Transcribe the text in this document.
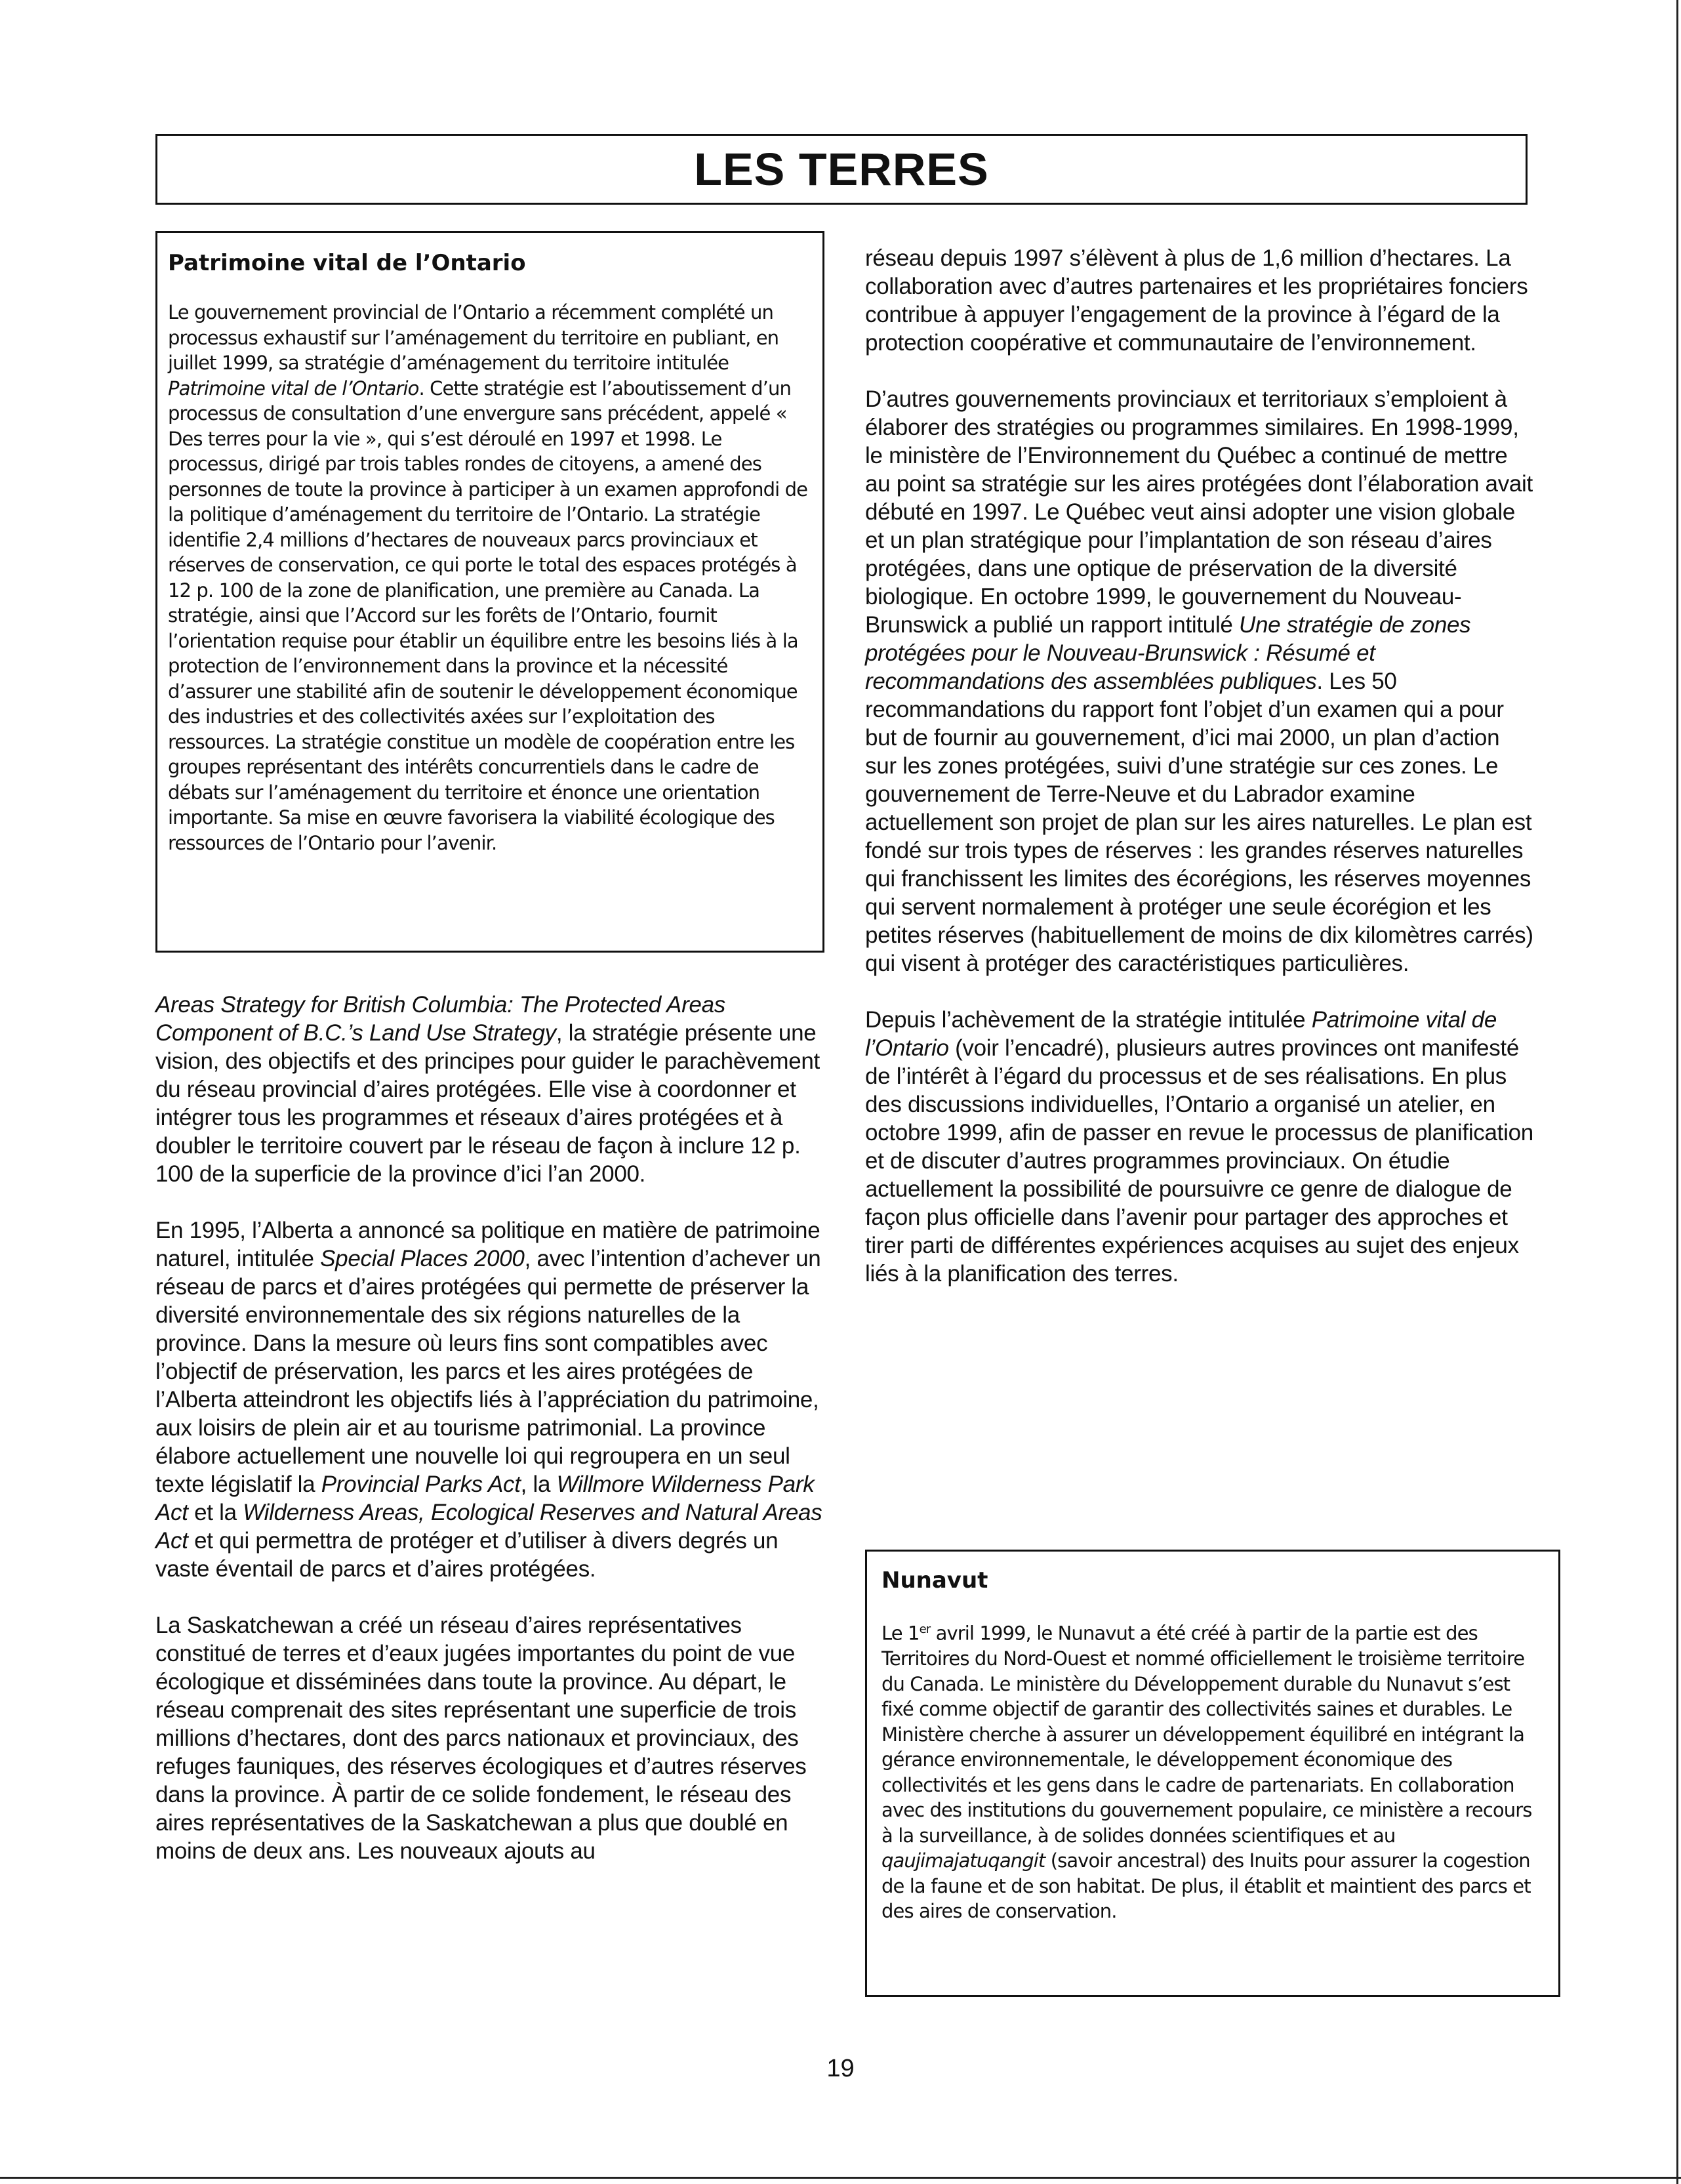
LES TERRES
Patrimoine vital de l’Ontario

Le gouvernement provincial de l’Ontario a récemment complété un processus exhaustif sur l’aménagement du territoire en publiant, en juillet 1999, sa stratégie d’aménagement du territoire intitulée Patrimoine vital de l’Ontario. Cette stratégie est l’aboutissement d’un processus de consultation d’une envergure sans précédent, appelé « Des terres pour la vie », qui s’est déroulé en 1997 et 1998. Le processus, dirigé par trois tables rondes de citoyens, a amené des personnes de toute la province à participer à un examen approfondi de la politique d’aménagement du territoire de l’Ontario. La stratégie identifie 2,4 millions d’hectares de nouveaux parcs provinciaux et réserves de conservation, ce qui porte le total des espaces protégés à 12 p. 100 de la zone de planification, une première au Canada. La stratégie, ainsi que l’Accord sur les forêts de l’Ontario, fournit l’orientation requise pour établir un équilibre entre les besoins liés à la protection de l’environnement dans la province et la nécessité d’assurer une stabilité afin de soutenir le développement économique des industries et des collectivités axées sur l’exploitation des ressources. La stratégie constitue un modèle de coopération entre les groupes représentant des intérêts concurrentiels dans le cadre de débats sur l’aménagement du territoire et énonce une orientation importante. Sa mise en œuvre favorisera la viabilité écologique des ressources de l’Ontario pour l’avenir.

Areas Strategy for British Columbia: The Protected Areas Component of B.C.’s Land Use Strategy, la stratégie présente une vision, des objectifs et des principes pour guider le parachèvement du réseau provincial d’aires protégées. Elle vise à coordonner et intégrer tous les programmes et réseaux d’aires protégées et à doubler le territoire couvert par le réseau de façon à inclure 12 p. 100 de la superficie de la province d’ici l’an 2000.

En 1995, l’Alberta a annoncé sa politique en matière de patrimoine naturel, intitulée Special Places 2000, avec l’intention d’achever un réseau de parcs et d’aires protégées qui permette de préserver la diversité environnementale des six régions naturelles de la province. Dans la mesure où leurs fins sont compatibles avec l’objectif de préservation, les parcs et les aires protégées de l’Alberta atteindront les objectifs liés à l’appréciation du patrimoine, aux loisirs de plein air et au tourisme patrimonial. La province élabore actuellement une nouvelle loi qui regroupera en un seul texte législatif la Provincial Parks Act, la Willmore Wilderness Park Act et la Wilderness Areas, Ecological Reserves and Natural Areas Act et qui permettra de protéger et d’utiliser à divers degrés un vaste éventail de parcs et d’aires protégées.

La Saskatchewan a créé un réseau d’aires représentatives constitué de terres et d’eaux jugées importantes du point de vue écologique et disséminées dans toute la province. Au départ, le réseau comprenait des sites représentant une superficie de trois millions d’hectares, dont des parcs nationaux et provinciaux, des refuges fauniques, des réserves écologiques et d’autres réserves dans la province. À partir de ce solide fondement, le réseau des aires représentatives de la Saskatchewan a plus que doublé en moins de deux ans. Les nouveaux ajouts au

réseau depuis 1997 s’élèvent à plus de 1,6 million d’hectares. La collaboration avec d’autres partenaires et les propriétaires fonciers contribue à appuyer l’engagement de la province à l’égard de la protection coopérative et communautaire de l’environnement.

D’autres gouvernements provinciaux et territoriaux s’emploient à élaborer des stratégies ou programmes similaires. En 1998-1999, le ministère de l’Environnement du Québec a continué de mettre au point sa stratégie sur les aires protégées dont l’élaboration avait débuté en 1997. Le Québec veut ainsi adopter une vision globale et un plan stratégique pour l’implantation de son réseau d’aires protégées, dans une optique de préservation de la diversité biologique. En octobre 1999, le gouvernement du Nouveau-Brunswick a publié un rapport intitulé Une stratégie de zones protégées pour le Nouveau-Brunswick : Résumé et recommandations des assemblées publiques. Les 50 recommandations du rapport font l’objet d’un examen qui a pour but de fournir au gouvernement, d’ici mai 2000, un plan d’action sur les zones protégées, suivi d’une stratégie sur ces zones. Le gouvernement de Terre-Neuve et du Labrador examine actuellement son projet de plan sur les aires naturelles. Le plan est fondé sur trois types de réserves : les grandes réserves naturelles qui franchissent les limites des écorégions, les réserves moyennes qui servent normalement à protéger une seule écorégion et les petites réserves (habituellement de moins de dix kilomètres carrés) qui visent à protéger des caractéristiques particulières.

Depuis l’achèvement de la stratégie intitulée Patrimoine vital de l’Ontario (voir l’encadré), plusieurs autres provinces ont manifesté de l’intérêt à l’égard du processus et de ses réalisations. En plus des discussions individuelles, l’Ontario a organisé un atelier, en octobre 1999, afin de passer en revue le processus de planification et de discuter d’autres programmes provinciaux. On étudie actuellement la possibilité de poursuivre ce genre de dialogue de façon plus officielle dans l’avenir pour partager des approches et tirer parti de différentes expériences acquises au sujet des enjeux liés à la planification des terres.

Nunavut

Le 1er avril 1999, le Nunavut a été créé à partir de la partie est des Territoires du Nord-Ouest et nommé officiellement le troisième territoire du Canada. Le ministère du Développement durable du Nunavut s’est fixé comme objectif de garantir des collectivités saines et durables. Le Ministère cherche à assurer un développement équilibré en intégrant la gérance environnementale, le développement économique des collectivités et les gens dans le cadre de partenariats. En collaboration avec des institutions du gouvernement populaire, ce ministère a recours à la surveillance, à de solides données scientifiques et au qaujimajatuqangit (savoir ancestral) des Inuits pour assurer la cogestion de la faune et de son habitat. De plus, il établit et maintient des parcs et des aires de conservation.

19
